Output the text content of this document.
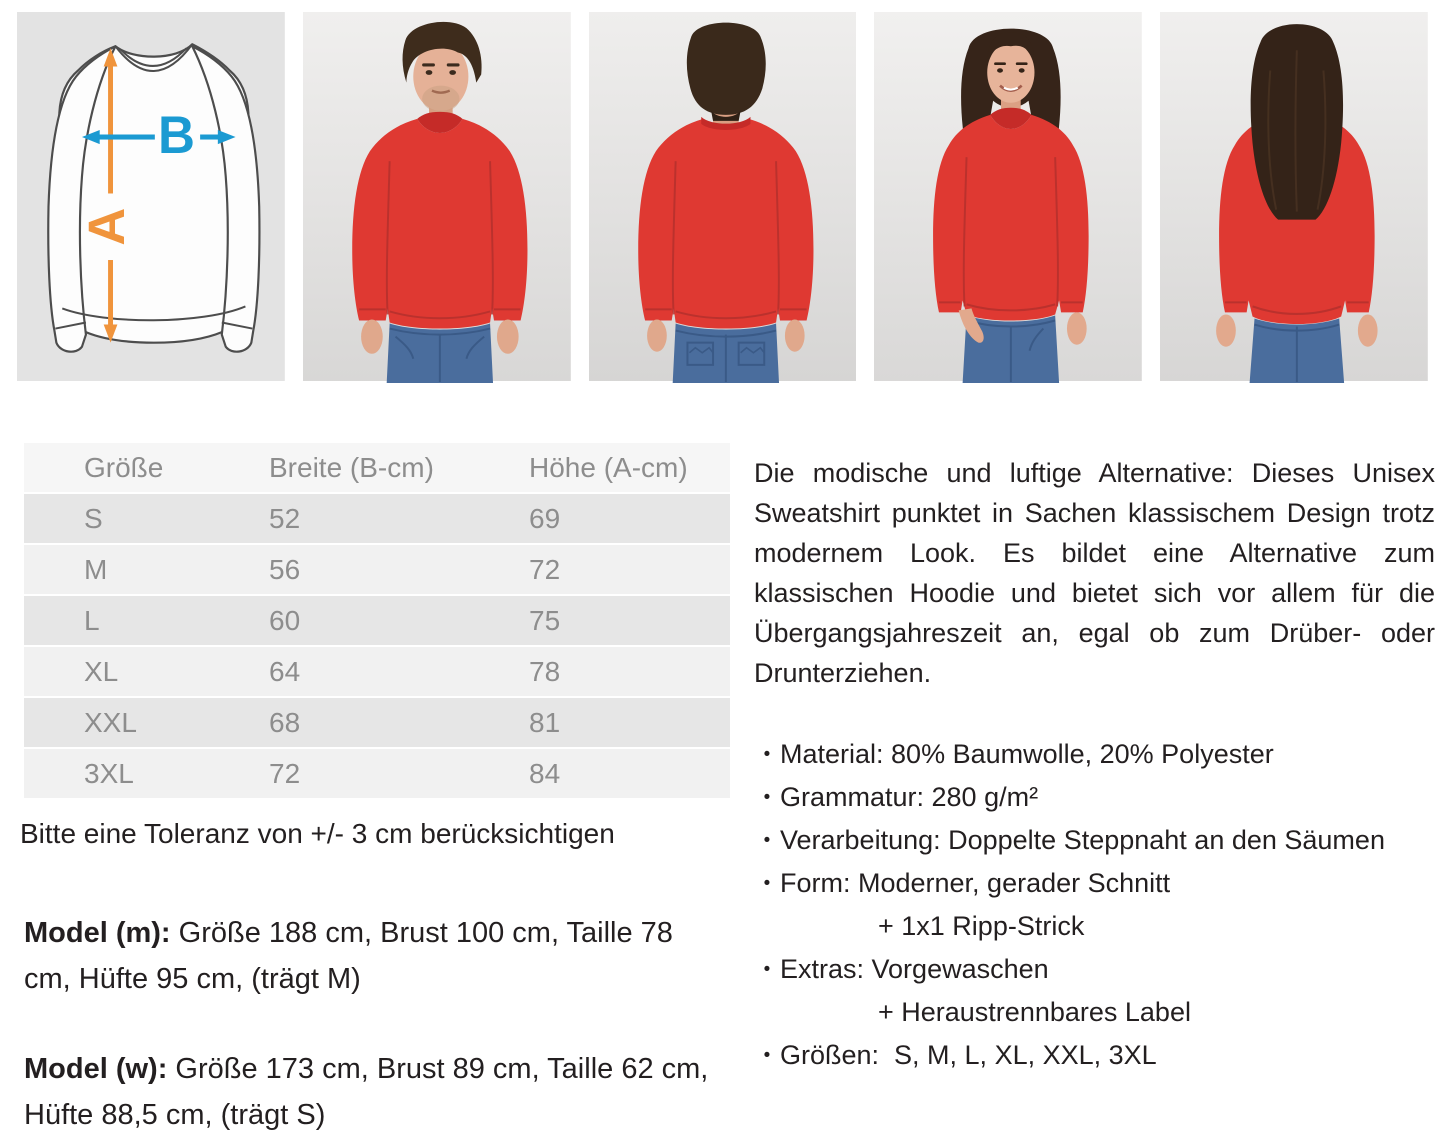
A
B
Größe	Breite (B-cm)	Höhe (A-cm)
S	52	69
M	56	72
L	60	75
XL	64	78
XXL	68	81
3XL	72	84
Bitte eine Toleranz von +/- 3 cm berücksichtigen
Model (m): Größe 188 cm, Brust 100 cm, Taille 78 cm, Hüfte 95 cm, (trägt M)
Model (w): Größe 173 cm, Brust 89 cm, Taille 62 cm, Hüfte 88,5 cm, (trägt S)
Die modische und luftige Alternative: Dieses Unisex Sweatshirt punktet in Sachen klassischem Design trotz modernem Look. Es bildet eine Alternative zum klassischen Hoodie und bietet sich vor allem für die Übergangsjahreszeit an, egal ob zum Drüber- oder Drunterziehen.
• Material: 80% Baumwolle, 20% Polyester
• Grammatur: 280 g/m²
• Verarbeitung: Doppelte Steppnaht an den Säumen
• Form: Moderner, gerader Schnitt
+ 1x1 Ripp-Strick
• Extras: Vorgewaschen
+ Heraustrennbares Label
• Größen:  S, M, L, XL, XXL, 3XL
